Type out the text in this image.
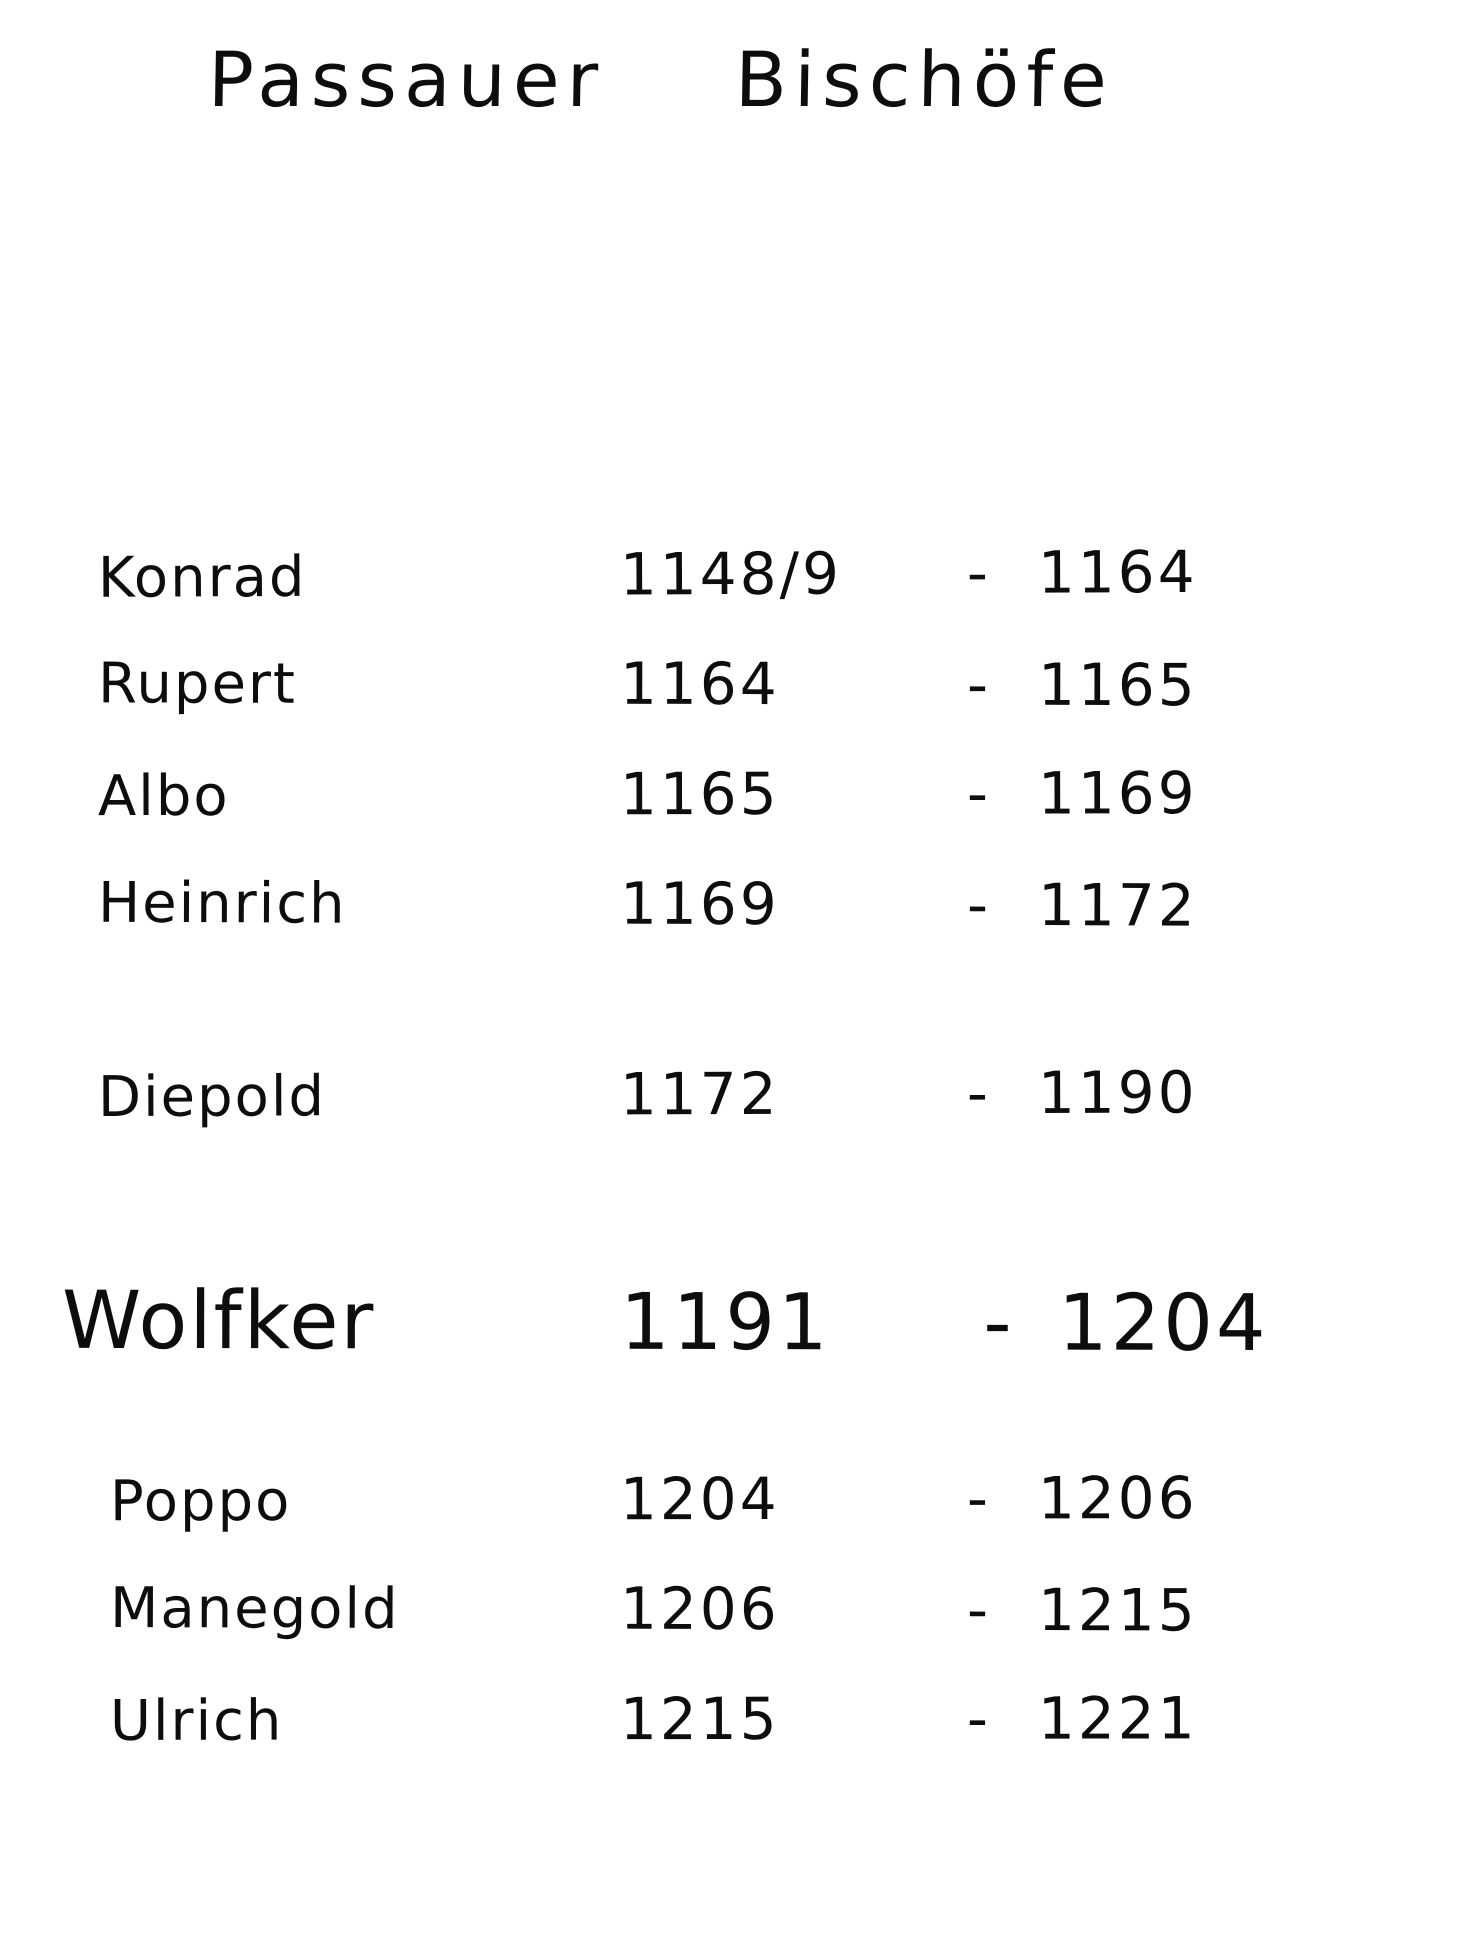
Passauer Bischöfe
Konrad	1148/9	- 1164
Rupert	1164	- 1165
Albo	1165	- 1169
Heinrich	1169	- 1172
Diepold	1172	- 1190
Wolfker	1191	- 1204
Poppo	1204	- 1206
Manegold	1206	- 1215
Ulrich	1215	- 1221
